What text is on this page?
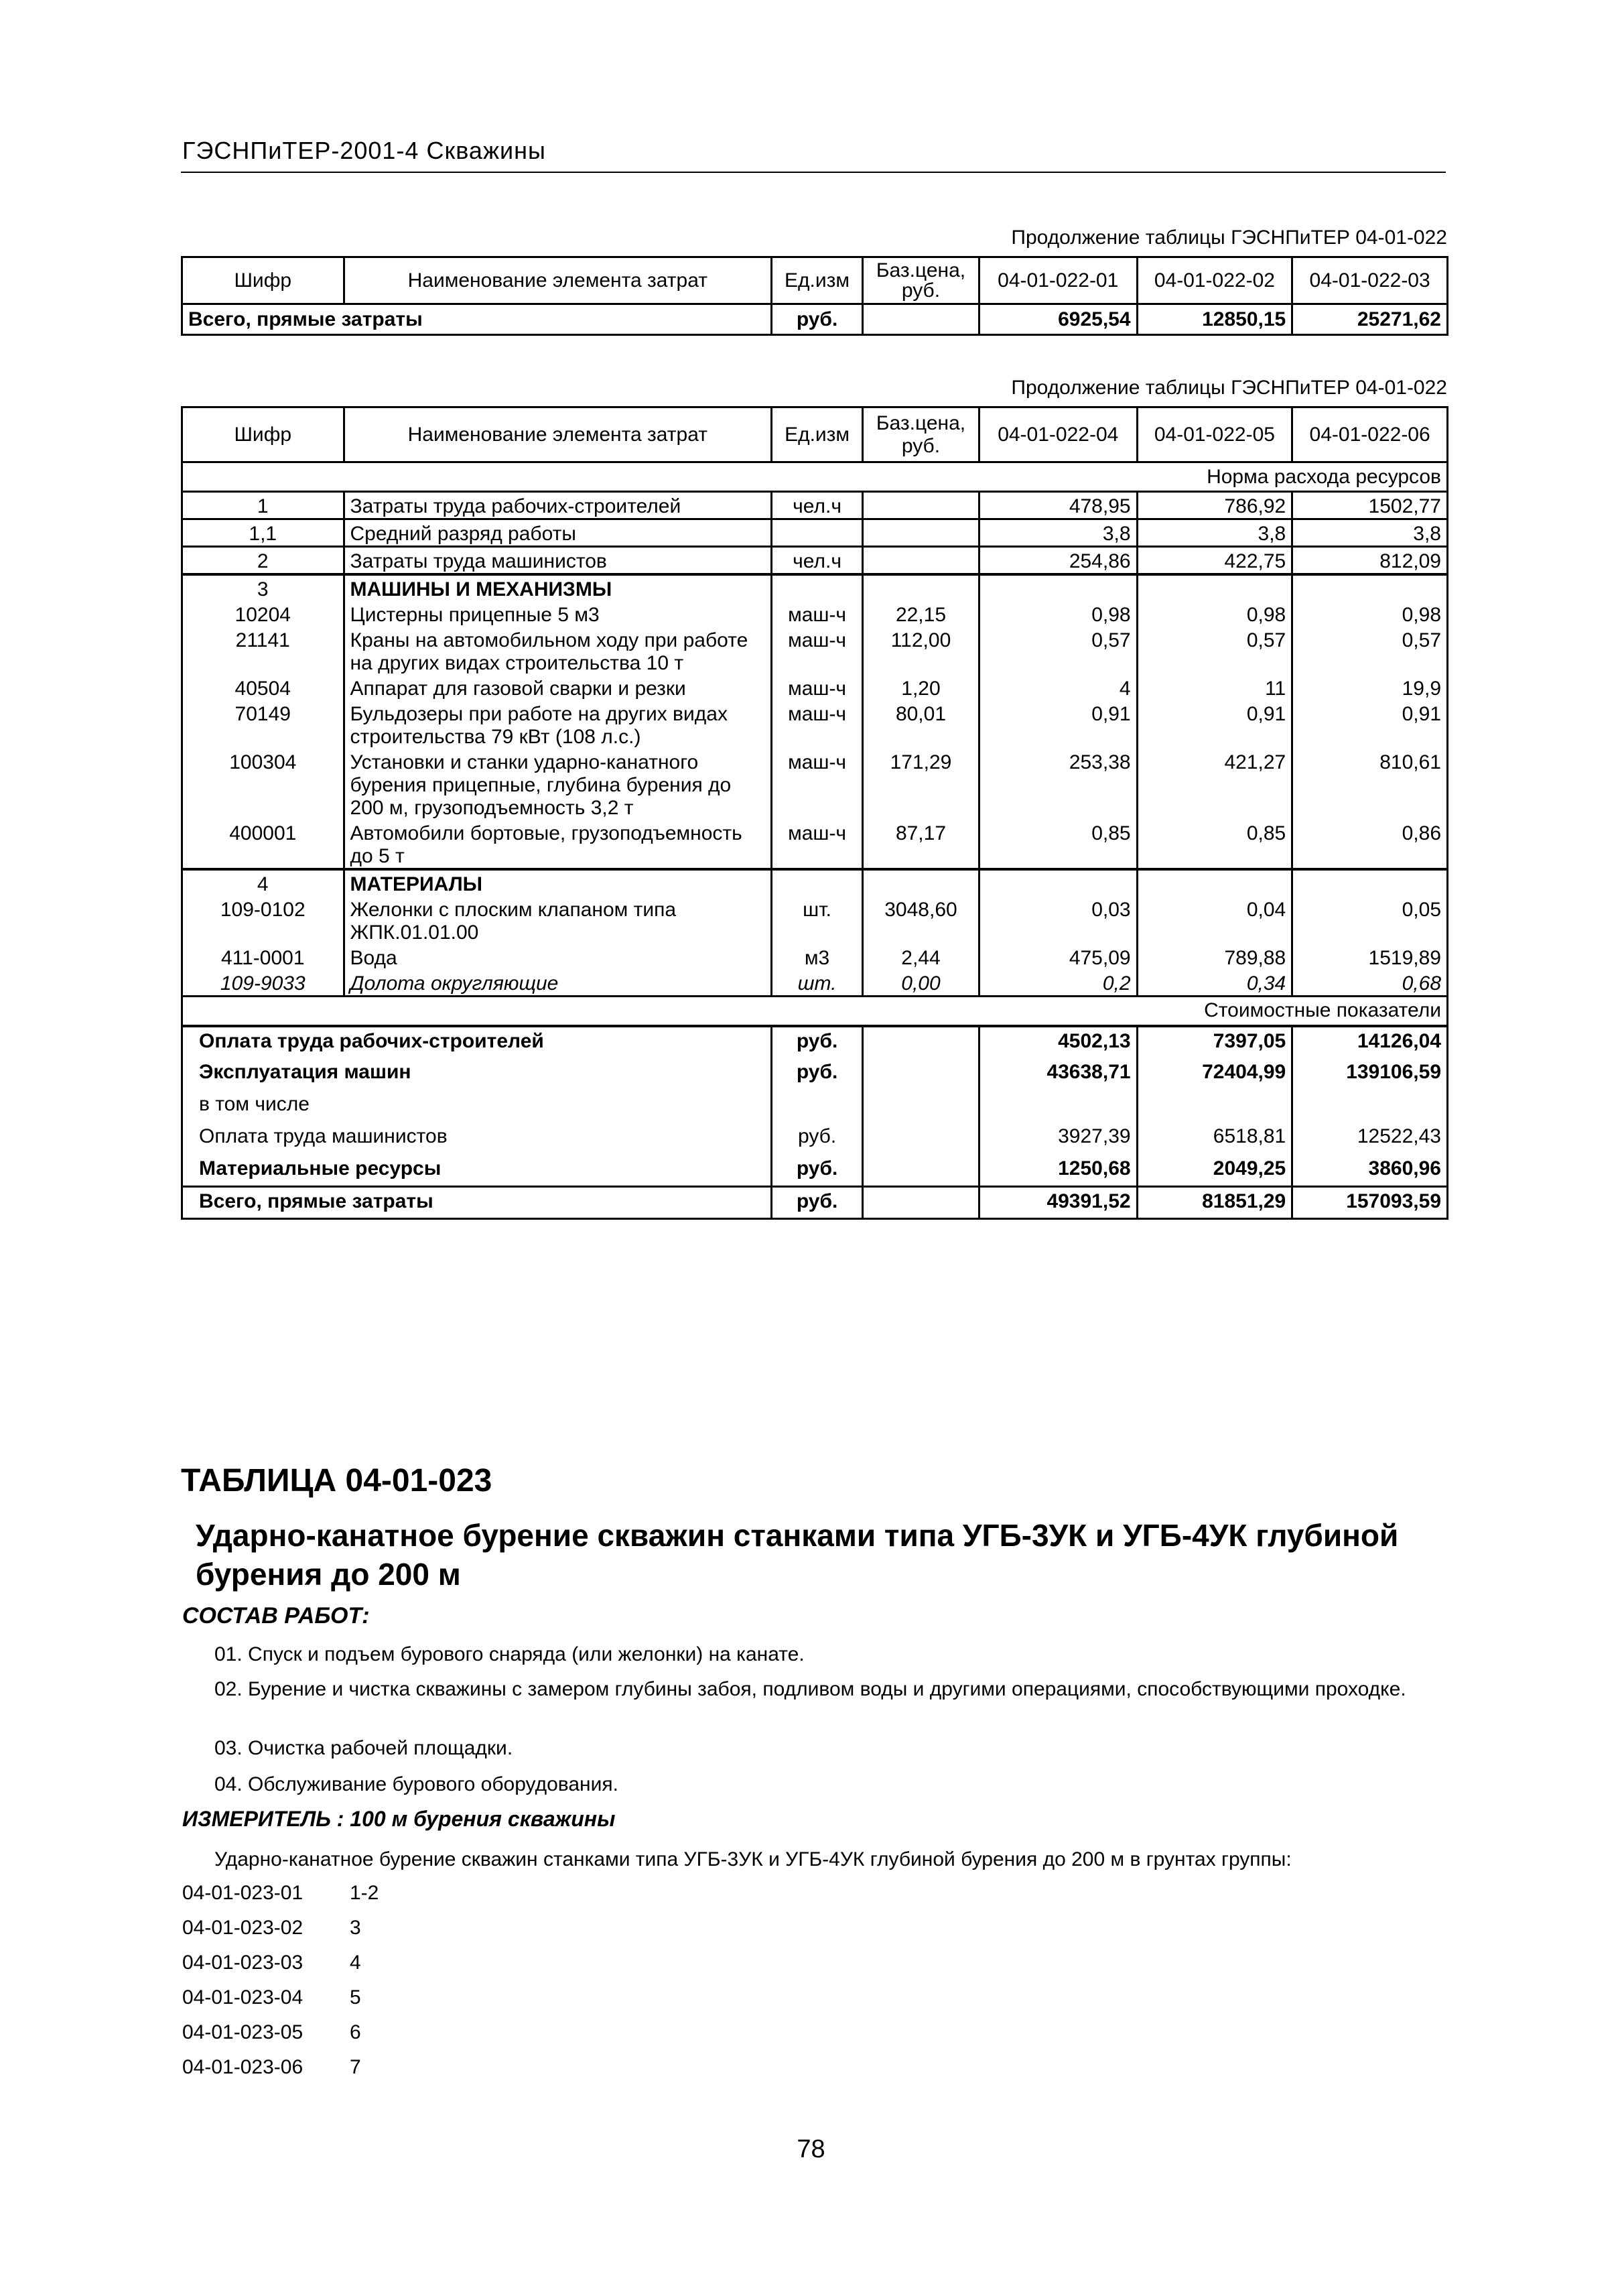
ГЭСНПиТЕР-2001-4 Скважины
Продолжение таблицы ГЭСНПиТЕР 04-01-022
Шифр	Наименование элемента затрат	Ед.изм	Баз.цена, руб.	04-01-022-01	04-01-022-02	04-01-022-03
Всего, прямые затраты		руб.		6925,54	12850,15	25271,62
Продолжение таблицы ГЭСНПиТЕР 04-01-022
Шифр	Наименование элемента затрат	Ед.изм	Баз.цена, руб.	04-01-022-04	04-01-022-05	04-01-022-06
Норма расхода ресурсов						
1	Затраты труда рабочих-строителей	чел.ч		478,95	786,92	1502,77
1,1	Средний разряд работы			3,8	3,8	3,8
2	Затраты труда машинистов	чел.ч		254,86	422,75	812,09
3	МАШИНЫ И МЕХАНИЗМЫ					
10204	Цистерны прицепные 5 м3	маш-ч	22,15	0,98	0,98	0,98
21141	Краны на автомобильном ходу при работе на других видах строительства 10 т	маш-ч	112,00	0,57	0,57	0,57
40504	Аппарат для газовой сварки и резки	маш-ч	1,20	4	11	19,9
70149	Бульдозеры при работе на других видах строительства 79 кВт (108 л.с.)	маш-ч	80,01	0,91	0,91	0,91
100304	Установки и станки ударно-канатного бурения прицепные, глубина бурения до 200 м, грузоподъемность 3,2 т	маш-ч	171,29	253,38	421,27	810,61
400001	Автомобили бортовые, грузоподъемность до 5 т	маш-ч	87,17	0,85	0,85	0,86
4	МАТЕРИАЛЫ					
109-0102	Желонки с плоским клапаном типа ЖПК.01.01.00	шт.	3048,60	0,03	0,04	0,05
411-0001	Вода	м3	2,44	475,09	789,88	1519,89
109-9033	Долота округляющие	шт.	0,00	0,2	0,34	0,68
Стоимостные показатели						
Оплата труда рабочих-строителей		руб.		4502,13	7397,05	14126,04
Эксплуатация машин		руб.		43638,71	72404,99	139106,59
в том числе						
Оплата труда машинистов		руб.		3927,39	6518,81	12522,43
Материальные ресурсы		руб.		1250,68	2049,25	3860,96
Всего, прямые затраты		руб.		49391,52	81851,29	157093,59
ТАБЛИЦА 04-01-023
Ударно-канатное бурение скважин станками типа УГБ-3УК и УГБ-4УК глубиной бурения до 200 м
СОСТАВ РАБОТ:
01. Спуск и подъем бурового снаряда (или желонки) на канате.
02. Бурение и чистка скважины с замером глубины забоя, подливом воды и другими операциями, способствующими проходке.
03. Очистка рабочей площадки.
04. Обслуживание бурового оборудования.
ИЗМЕРИТЕЛЬ : 100 м бурения скважины
Ударно-канатное бурение скважин станками типа УГБ-3УК и УГБ-4УК глубиной бурения до 200 м в грунтах группы:
04-01-023-01	1-2
04-01-023-02	3
04-01-023-03	4
04-01-023-04	5
04-01-023-05	6
04-01-023-06	7
78
